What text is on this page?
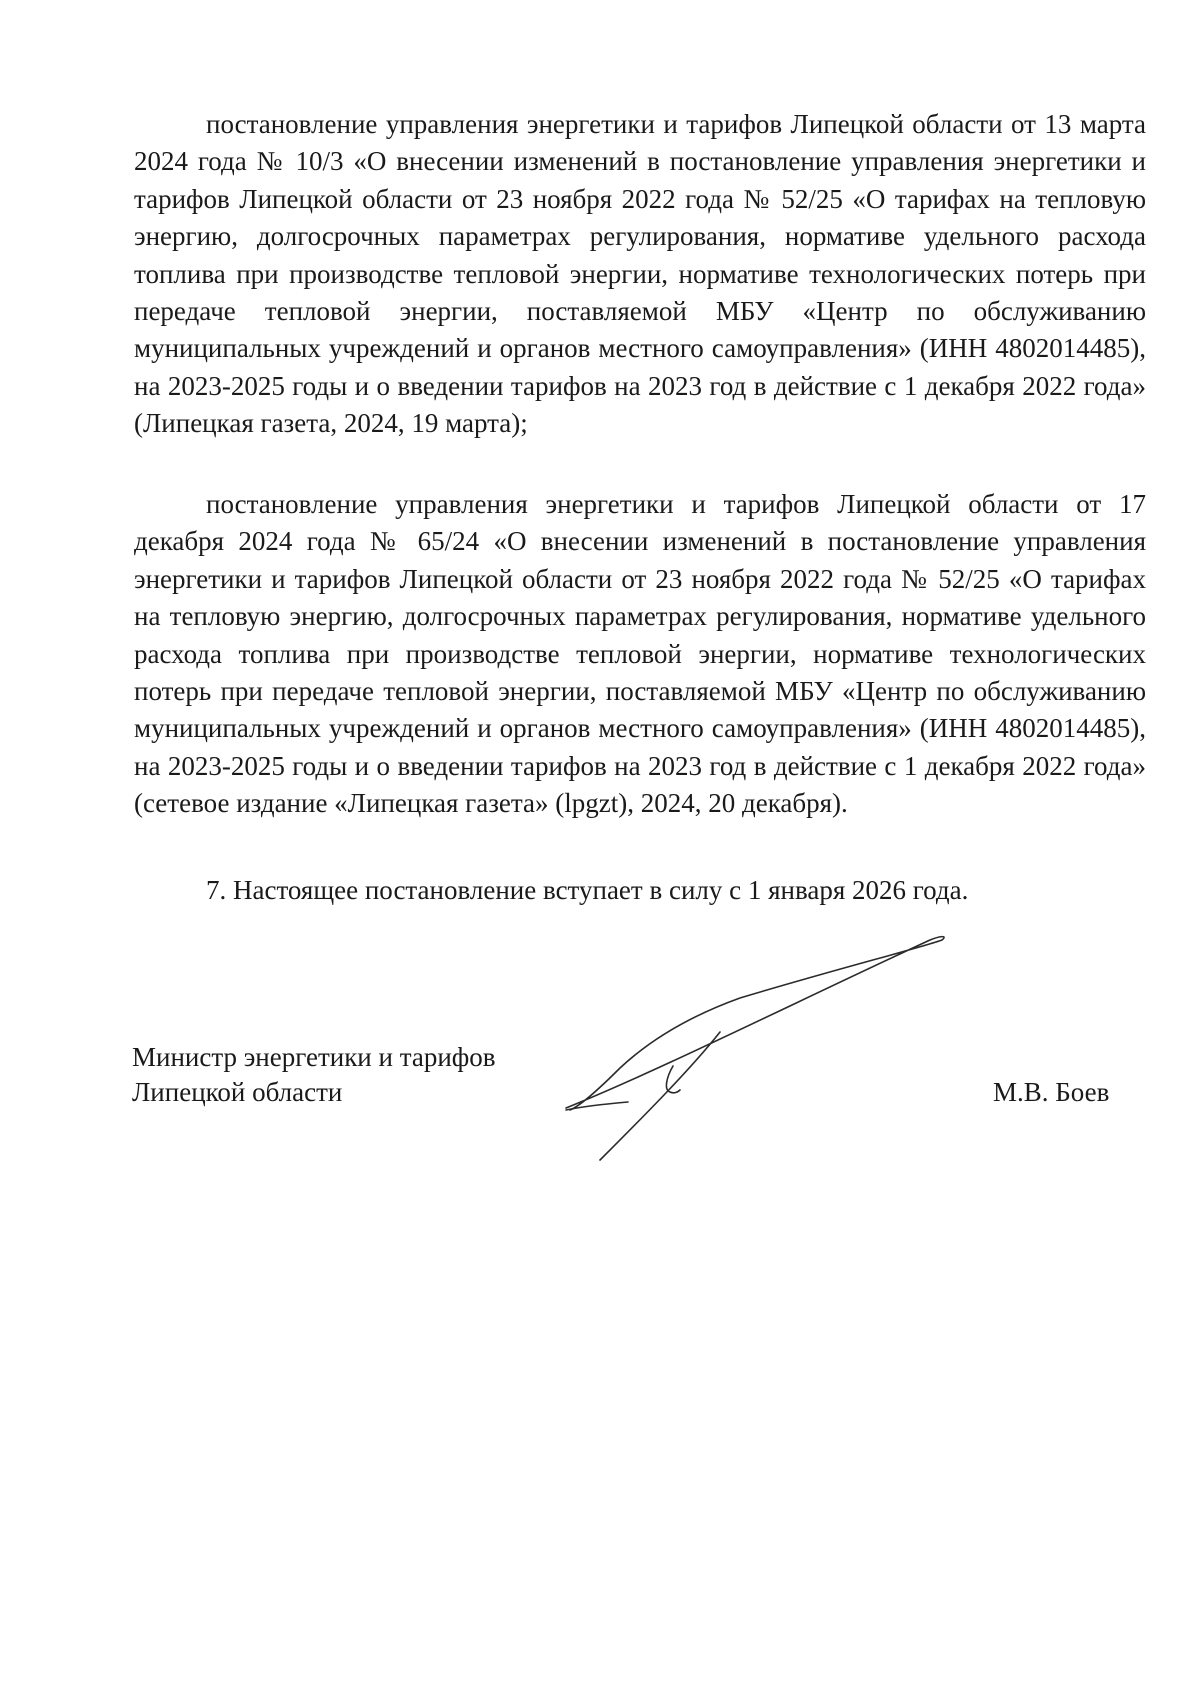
постановление управления энергетики и тарифов Липецкой области от 13 марта 2024 года № 10/3 «О внесении изменений в постановление управления энергетики и тарифов Липецкой области от 23 ноября 2022 года № 52/25 «О тарифах на тепловую энергию, долгосрочных параметрах регулирования, нормативе удельного расхода топлива при производстве тепловой энергии, нормативе технологических потерь при передаче тепловой энергии, поставляемой МБУ «Центр по обслуживанию муниципальных учреждений и органов местного самоуправления» (ИНН 4802014485), на 2023-2025 годы и о введении тарифов на 2023 год в действие с 1 декабря 2022 года» (Липецкая газета, 2024, 19 марта);

постановление управления энергетики и тарифов Липецкой области от 17 декабря 2024 года № 65/24 «О внесении изменений в постановление управления энергетики и тарифов Липецкой области от 23 ноября 2022 года № 52/25 «О тарифах на тепловую энергию, долгосрочных параметрах регулирования, нормативе удельного расхода топлива при производстве тепловой энергии, нормативе технологических потерь при передаче тепловой энергии, поставляемой МБУ «Центр по обслуживанию муниципальных учреждений и органов местного самоуправления» (ИНН 4802014485), на 2023-2025 годы и о введении тарифов на 2023 год в действие с 1 декабря 2022 года» (сетевое издание «Липецкая газета» (lpgzt), 2024, 20 декабря).

7. Настоящее постановление вступает в силу с 1 января 2026 года.

Министр энергетики и тарифов
Липецкой области	М.В. Боев
